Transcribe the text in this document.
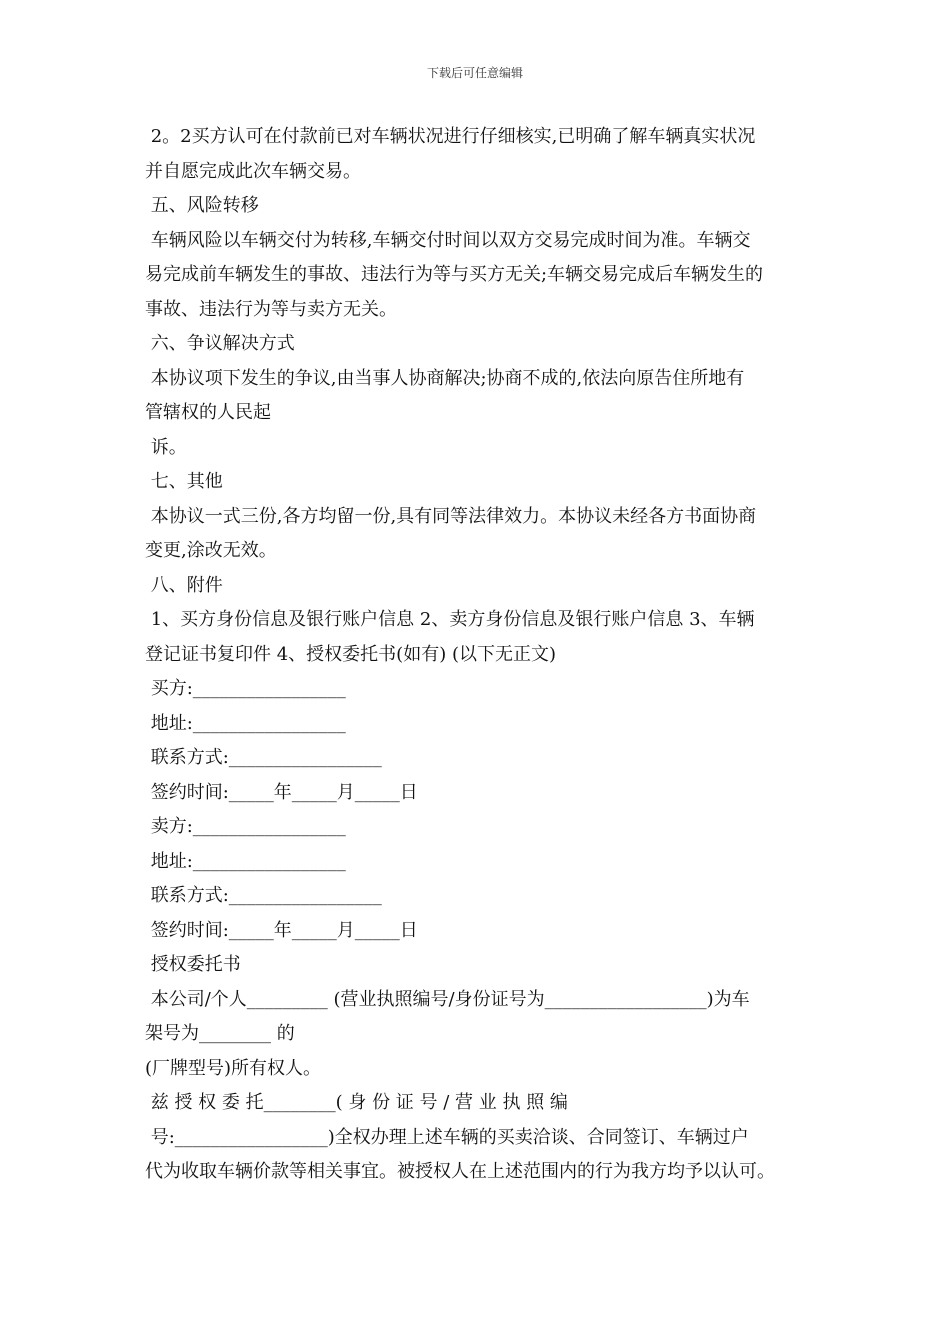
下载后可任意编辑
2。2买方认可在付款前已对车辆状况进行仔细核实,已明确了解车辆真实状况
并自愿完成此次车辆交易。
五、风险转移
车辆风险以车辆交付为转移,车辆交付时间以双方交易完成时间为准。车辆交
易完成前车辆发生的事故、违法行为等与买方无关;车辆交易完成后车辆发生的
事故、违法行为等与卖方无关。
六、争议解决方式
本协议项下发生的争议,由当事人协商解决;协商不成的,依法向原告住所地有
管辖权的人民起
诉。
七、其他
本协议一式三份,各方均留一份,具有同等法律效力。本协议未经各方书面协商
变更,涂改无效。
八、附件
1、买方身份信息及银行账户信息 2、卖方身份信息及银行账户信息 3、车辆
登记证书复印件 4、授权委托书(如有) (以下无正文)
买方:_________________
地址:_________________
联系方式:_________________
签约时间:_____年_____月_____日
卖方:_________________
地址:_________________
联系方式:_________________
签约时间:_____年_____月_____日
授权委托书
本公司/个人_________ (营业执照编号/身份证号为__________________)为车
架号为________ 的
(厂牌型号)所有权人。
兹 授 权 委 托________( 身 份 证 号 / 营 业 执 照 编
号:_________________)全权办理上述车辆的买卖洽谈、合同签订、车辆过户
代为收取车辆价款等相关事宜。被授权人在上述范围内的行为我方均予以认可。
